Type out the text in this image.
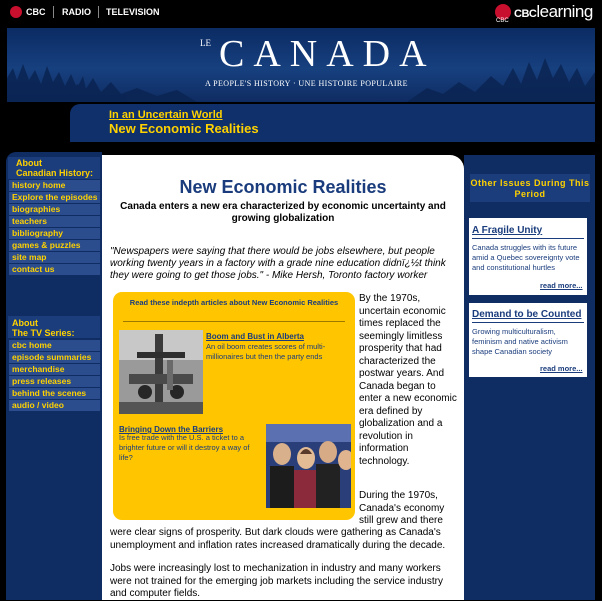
CBC RADIO TELEVISION
CBC
CBClearning
LE CANADA
A PEOPLE'S HISTORY · UNE HISTOIRE POPULAIRE
In an Uncertain World
New Economic Realities
About
Canadian History:
history home
Explore the episodes
biographies
teachers
bibliography
games & puzzles
site map
contact us
About
The TV Series:
cbc home
episode summaries
merchandise
press releases
behind the scenes
audio / video
New Economic Realities
Canada enters a new era characterized by economic uncertainty and growing globalization
"Newspapers were saying that there would be jobs elsewhere, but people working twenty years in a factory with a grade nine education didnï¿½t think they were going to get those jobs." - Mike Hersh, Toronto factory worker
Read these indepth articles about New Economic Realities
Boom and Bust in Alberta
An oil boom creates scores of multi-millionaires but then the party ends
Bringing Down the Barriers
Is free trade with the U.S. a ticket to a brighter future or will it destroy a way of life?
By the 1970s, uncertain economic times replaced the seemingly limitless prosperity that had characterized the postwar years. And Canada began to enter a new economic era defined by globalization and a revolution in information technology.
During the 1970s, Canada's economy still grew and there
were clear signs of prosperity. But dark clouds were gathering as Canada's unemployment and inflation rates increased dramatically during the decade.
Jobs were increasingly lost to mechanization in industry and many workers were not trained for the emerging job markets including the service industry and computer fields.
Other Issues During This Period
A Fragile Unity
Canada struggles with its future amid a Quebec sovereignty vote and constitutional hurtles
read more...
Demand to be Counted
Growing multiculturalism, feminism and native activism shape Canadian society
read more...
